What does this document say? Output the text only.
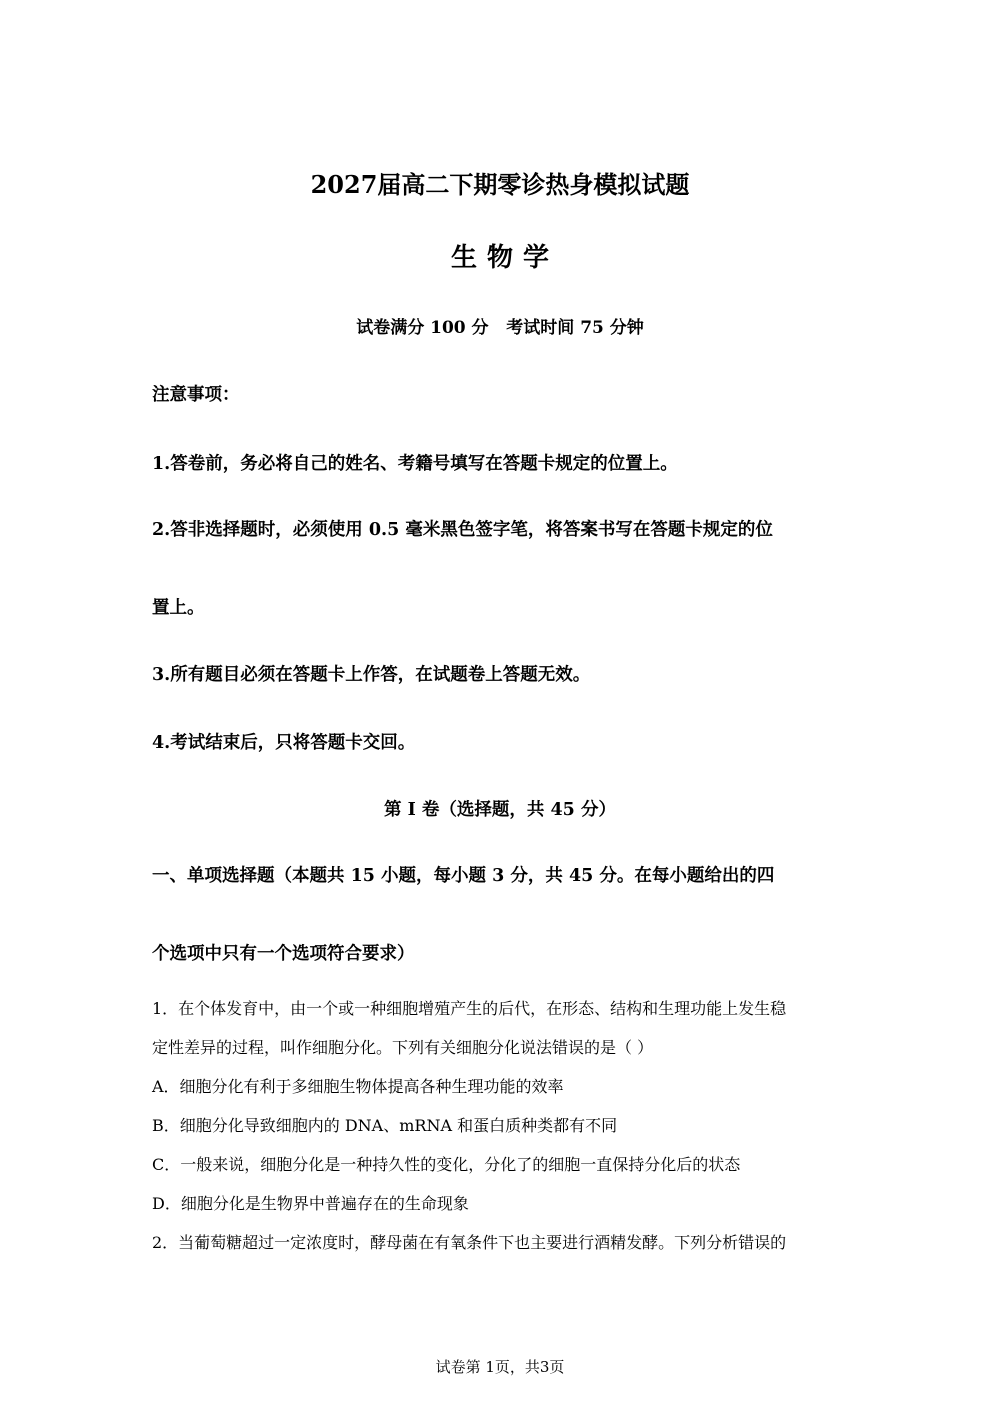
2027届高二下期零诊热身模拟试题
生物学
试卷满分 100 分   考试时间 75 分钟
注意事项：
1.答卷前，务必将自己的姓名、考籍号填写在答题卡规定的位置上。
2.答非选择题时，必须使用 0.5 毫米黑色签字笔，将答案书写在答题卡规定的位
置上。
3.所有题目必须在答题卡上作答，在试题卷上答题无效。
4.考试结束后，只将答题卡交回。
第 I 卷（选择题，共 45 分）
一、单项选择题（本题共 15 小题，每小题 3 分，共 45 分。在每小题给出的四
个选项中只有一个选项符合要求）
1．在个体发育中，由一个或一种细胞增殖产生的后代，在形态、结构和生理功能上发生稳
定性差异的过程，叫作细胞分化。下列有关细胞分化说法错误的是（ ）
A．细胞分化有利于多细胞生物体提高各种生理功能的效率
B．细胞分化导致细胞内的 DNA、mRNA 和蛋白质种类都有不同
C．一般来说，细胞分化是一种持久性的变化，分化了的细胞一直保持分化后的状态
D．细胞分化是生物界中普遍存在的生命现象
2．当葡萄糖超过一定浓度时，酵母菌在有氧条件下也主要进行酒精发酵。下列分析错误的
试卷第 1页，共3页
